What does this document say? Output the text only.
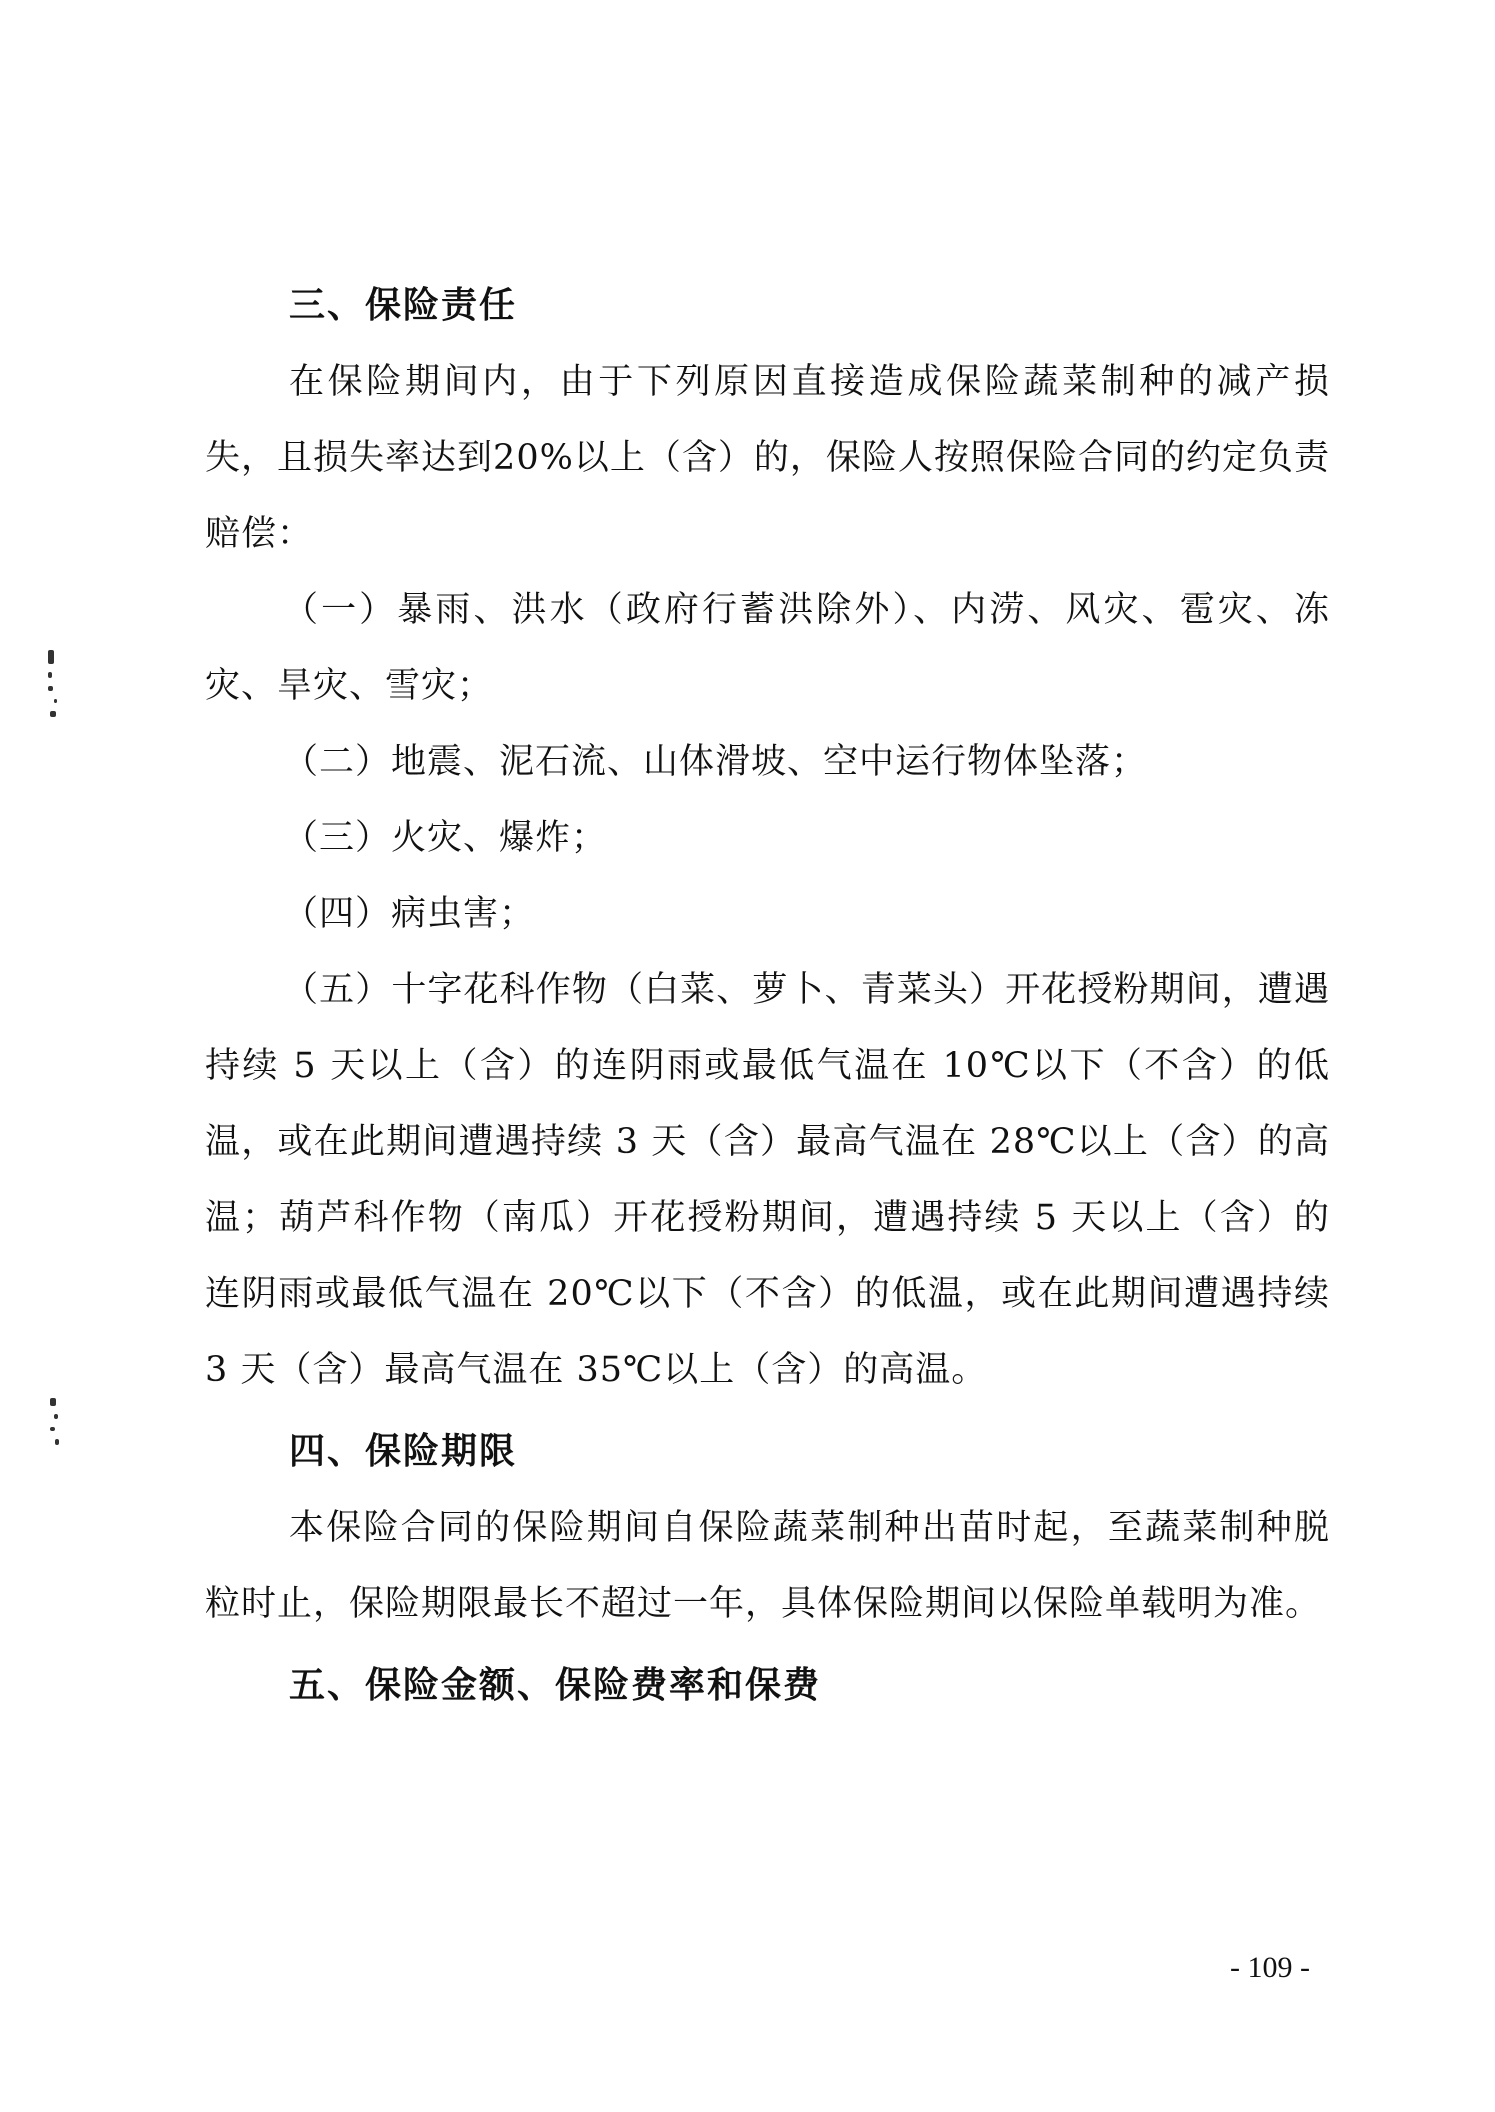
三、保险责任

在保险期间内，由于下列原因直接造成保险蔬菜制种的减产损失，且损失率达到20%以上（含）的，保险人按照保险合同的约定负责赔偿：

（一）暴雨、洪水（政府行蓄洪除外）、内涝、风灾、雹灾、冻灾、旱灾、雪灾；

（二）地震、泥石流、山体滑坡、空中运行物体坠落；

（三）火灾、爆炸；

（四）病虫害；

（五）十字花科作物（白菜、萝卜、青菜头）开花授粉期间，遭遇持续 5 天以上（含）的连阴雨或最低气温在 10℃以下（不含）的低温，或在此期间遭遇持续 3 天（含）最高气温在 28℃以上（含）的高温；葫芦科作物（南瓜）开花授粉期间，遭遇持续 5 天以上（含）的连阴雨或最低气温在 20℃以下（不含）的低温，或在此期间遭遇持续 3 天（含）最高气温在 35℃以上（含）的高温。

四、保险期限

本保险合同的保险期间自保险蔬菜制种出苗时起，至蔬菜制种脱粒时止，保险期限最长不超过一年，具体保险期间以保险单载明为准。

五、保险金额、保险费率和保费
- 109 -
